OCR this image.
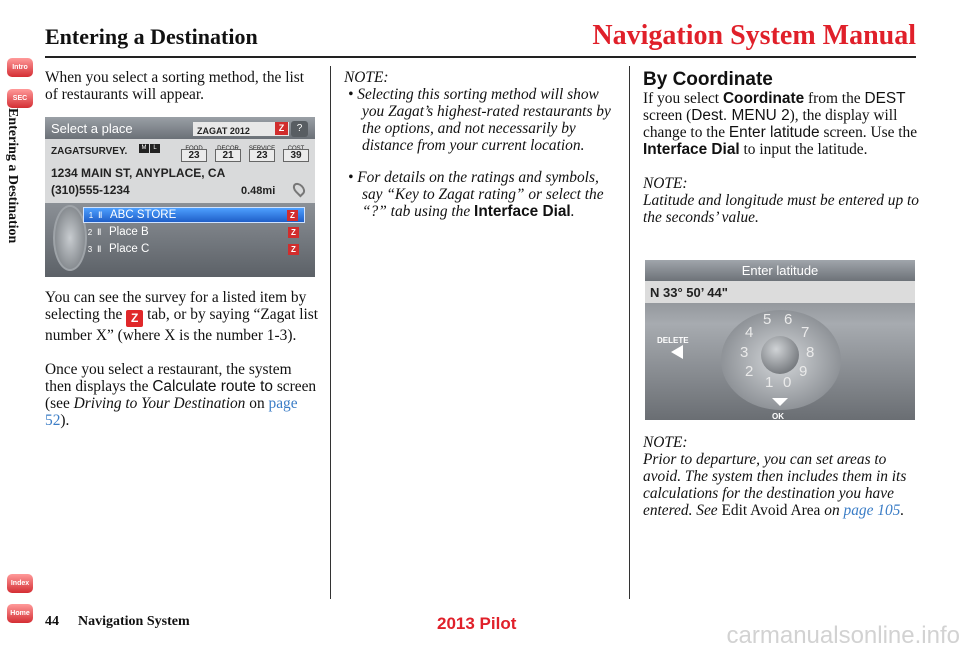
Entering a Destination	Navigation System Manual
Intro
SEC
Index
Home
Entering a Destination

When you select a sorting method, the list of restaurants will appear.

Select a place	ZAGAT 2012	Z	?
ZAGATSURVEY.	M	L
23	21	23	39
1234 MAIN ST, ANYPLACE, CA
(310)555-1234	0.48mi
1 Ⅱ ABC STORE	Z
2 Ⅱ Place B	Z
3 Ⅱ Place C	Z

You can see the survey for a listed item by selecting the Z tab, or by saying “Zagat list number X” (where X is the number 1-3).

Once you select a restaurant, the system then displays the Calculate route to screen (see Driving to Your Destination on page 52).

NOTE:

• Selecting this sorting method will show you Zagat’s highest-rated restaurants by the options, and not necessarily by distance from your current location.

• For details on the ratings and symbols, say “Key to Zagat rating” or select the “?” tab using the Interface Dial.

By Coordinate

If you select Coordinate from the DEST screen (Dest. MENU 2), the display will change to the Enter latitude screen. Use the Interface Dial to input the latitude.

NOTE:

Latitude and longitude must be entered up to the seconds’ value.

Enter latitude
N 33° 50’ 44"
5 6
7
8
9
0
1
2
3
4
DELETE
OK

NOTE:

Prior to departure, you can set areas to avoid. The system then includes them in its calculations for the destination you have entered. See Edit Avoid Area on page 105.

44 Navigation System	2013 Pilot	carmanualsonline.info
